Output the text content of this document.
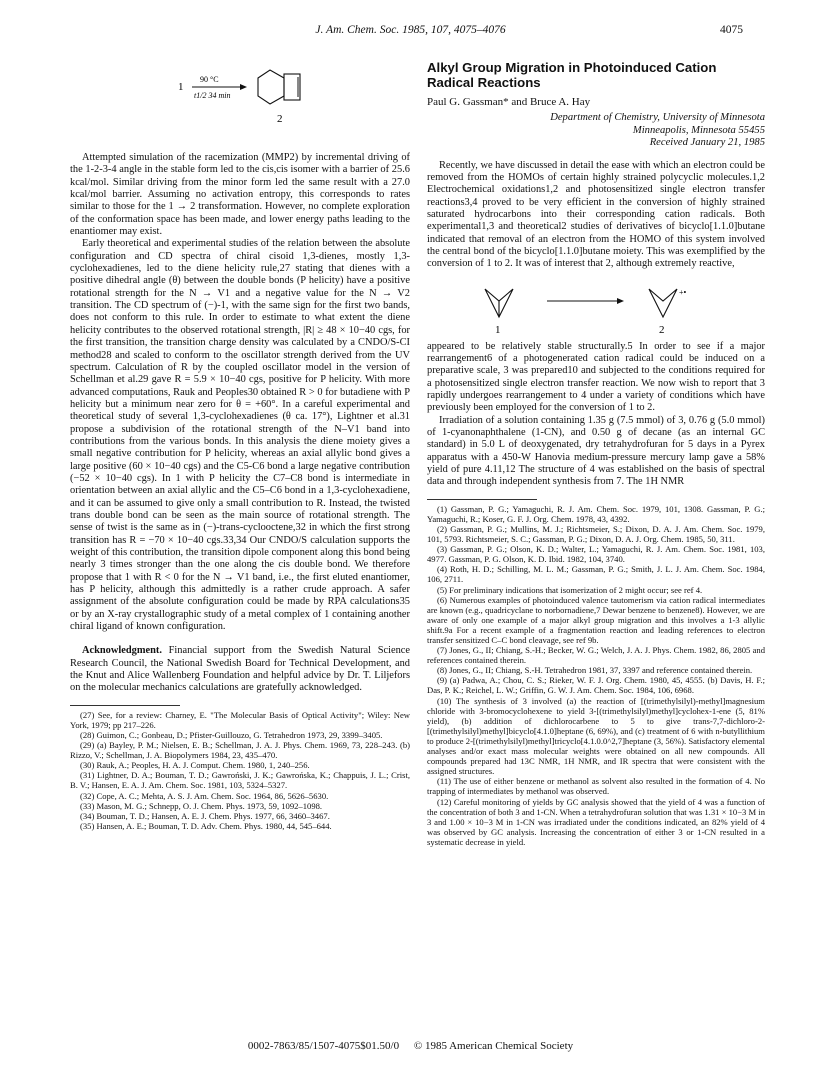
J. Am. Chem. Soc. 1985, 107, 4075–4076	4075
1
90 °C
t1/2 34 min
2

Attempted simulation of the racemization (MMP2) by incremental driving of the 1-2-3-4 angle in the stable form led to the cis,cis isomer with a barrier of 25.6 kcal/mol. Similar driving from the minor form led the same result with a 27.0 kcal/mol barrier. Assuming no activation entropy, this corresponds to rates similar to those for the 1 → 2 transformation. However, no complete exploration of the conformation space has been made, and lower energy paths leading to the enantiomer may exist.

Early theoretical and experimental studies of the relation between the absolute configuration and CD spectra of chiral cisoid 1,3-dienes, mostly 1,3-cyclohexadienes, led to the diene helicity rule,27 stating that dienes with a positive dihedral angle (θ) between the double bonds (P helicity) have a positive rotational strength for the N → V1 and a negative value for the N → V2 transition. The CD spectrum of (−)-1, with the same sign for the first two bands, does not conform to this rule. In order to estimate to what extent the diene helicity contributes to the observed rotational strength, |R| ≥ 48 × 10−40 cgs, for the first transition, the transition charge density was calculated by a CNDO/S-CI method28 and scaled to conform to the oscillator strength derived from the UV spectrum. Calculation of R by the coupled oscillator model in the version of Schellman et al.29 gave R = 5.9 × 10−40 cgs, positive for P helicity. With more advanced computations, Rauk and Peoples30 obtained R > 0 for butadiene with P helicity but a minimum near zero for θ = +60°. In a careful experimental and theoretical study of several 1,3-cyclohexadienes (θ ca. 17°), Lightner et al.31 propose a subdivision of the rotational strength of the N–V1 band into contributions from the various bonds. In this analysis the diene moiety gives a small negative contribution for P helicity, whereas an axial allylic bond gives a large positive (60 × 10−40 cgs) and the C5-C6 bond a large negative contribution (−52 × 10−40 cgs). In 1 with P helicity the C7–C8 bond is intermediate in orientation between an axial allylic and the C5–C6 bond in a 1,3-cyclohexadiene, and it can be assumed to give only a small contribution to R. Instead, the twisted trans double bond can be seen as the main source of rotational strength. The sense of twist is the same as in (−)-trans-cyclooctene,32 in which the first strong transition has R = −70 × 10−40 cgs.33,34 Our CNDO/S calculation supports the weight of this contribution, the transition dipole component along this bond being nearly 3 times stronger than the one along the cis double bond. We therefore propose that 1 with R < 0 for the N → V1 band, i.e., the first eluted enantiomer, has P helicity, although this admittedly is a rather crude approach. A safer assignment of the absolute configuration could be made by RPA calculations35 or by an X-ray crystallographic study of a metal complex of 1 containing another chiral ligand of known configuration.

Acknowledgment. Financial support from the Swedish Natural Science Research Council, the National Swedish Board for Technical Development, and the Knut and Alice Wallenberg Foundation and helpful advice by Dr. T. Liljefors on the molecular mechanics calculations are gratefully acknowledged.

(27) See, for a review: Charney, E. "The Molecular Basis of Optical Activity"; Wiley: New York, 1979; pp 217–226.

(28) Guimon, C.; Gonbeau, D.; Pfister-Guillouzo, G. Tetrahedron 1973, 29, 3399–3405.

(29) (a) Bayley, P. M.; Nielsen, E. B.; Schellman, J. A. J. Phys. Chem. 1969, 73, 228–243. (b) Rizzo, V.; Schellman, J. A. Biopolymers 1984, 23, 435–470.

(30) Rauk, A.; Peoples, H. A. J. Comput. Chem. 1980, 1, 240–256.

(31) Lightner, D. A.; Bouman, T. D.; Gawroński, J. K.; Gawrońska, K.; Chappuis, J. L.; Crist, B. V.; Hansen, E. A. J. Am. Chem. Soc. 1981, 103, 5324–5327.

(32) Cope, A. C.; Mehta, A. S. J. Am. Chem. Soc. 1964, 86, 5626–5630.

(33) Mason, M. G.; Schnepp, O. J. Chem. Phys. 1973, 59, 1092–1098.

(34) Bouman, T. D.; Hansen, A. E. J. Chem. Phys. 1977, 66, 3460–3467.

(35) Hansen, A. E.; Bouman, T. D. Adv. Chem. Phys. 1980, 44, 545–644.

Alkyl Group Migration in Photoinduced Cation Radical Reactions
Paul G. Gassman* and Bruce A. Hay
Department of Chemistry, University of Minnesota
Minneapolis, Minnesota 55455
Received January 21, 1985

Recently, we have discussed in detail the ease with which an electron could be removed from the HOMOs of certain highly strained polycyclic molecules.1,2 Electrochemical oxidations1,2 and photosensitized single electron transfer reactions3,4 proved to be very efficient in the conversion of highly strained saturated hydrocarbons into their corresponding cation radicals. Both experimental1,3 and theoretical2 studies of derivatives of bicyclo[1.1.0]butane indicated that removal of an electron from the HOMO of this system involved the central bond of the bicyclo[1.1.0]butane moiety. This was exemplified by the conversion of 1 to 2. It was of interest that 2, although extremely reactive,

1
+•
2

appeared to be relatively stable structurally.5 In order to see if a major rearrangement6 of a photogenerated cation radical could be induced on a preparative scale, 3 was prepared10 and subjected to the conditions required for a photosensitized single electron transfer reaction. We now wish to report that 3 rapidly undergoes rearrangement to 4 under a variety of conditions which have previously been employed for the conversion of 1 to 2.

Irradiation of a solution containing 1.35 g (7.5 mmol) of 3, 0.76 g (5.0 mmol) of 1-cyanonaphthalene (1-CN), and 0.50 g of decane (as an internal GC standard) in 5.0 L of deoxygenated, dry tetrahydrofuran for 5 days in a Pyrex apparatus with a 450-W Hanovia medium-pressure mercury lamp gave a 58% yield of pure 4.11,12 The structure of 4 was established on the basis of spectral data and through independent synthesis from 7. The 1H NMR

(1) Gassman, P. G.; Yamaguchi, R. J. Am. Chem. Soc. 1979, 101, 1308. Gassman, P. G.; Yamaguchi, R.; Koser, G. F. J. Org. Chem. 1978, 43, 4392.

(2) Gassman, P. G.; Mullins, M. J.; Richtsmeier, S.; Dixon, D. A. J. Am. Chem. Soc. 1979, 101, 5793. Richtsmeier, S. C.; Gassman, P. G.; Dixon, D. A. J. Org. Chem. 1985, 50, 311.

(3) Gassman, P. G.; Olson, K. D.; Walter, L.; Yamaguchi, R. J. Am. Chem. Soc. 1981, 103, 4977. Gassman, P. G. Olson, K. D. Ibid. 1982, 104, 3740.

(4) Roth, H. D.; Schilling, M. L. M.; Gassman, P. G.; Smith, J. L. J. Am. Chem. Soc. 1984, 106, 2711.

(5) For preliminary indications that isomerization of 2 might occur; see ref 4.

(6) Numerous examples of photoinduced valence tautomerism via cation radical intermediates are known (e.g., quadricyclane to norbornadiene,7 Dewar benzene to benzene8). However, we are aware of only one example of a major alkyl group migration and this involves a 1-3 allylic shift.9a For a recent example of a fragmentation reaction and leading references to electron transfer sensitized C–C bond cleavage, see ref 9b.

(7) Jones, G., II; Chiang, S.-H.; Becker, W. G.; Welch, J. A. J. Phys. Chem. 1982, 86, 2805 and references contained therein.

(8) Jones, G., II; Chiang, S.-H. Tetrahedron 1981, 37, 3397 and reference contained therein.

(9) (a) Padwa, A.; Chou, C. S.; Rieker, W. F. J. Org. Chem. 1980, 45, 4555. (b) Davis, H. F.; Das, P. K.; Reichel, L. W.; Griffin, G. W. J. Am. Chem. Soc. 1984, 106, 6968.

(10) The synthesis of 3 involved (a) the reaction of [(trimethylsilyl)-methyl]magnesium chloride with 3-bromocyclohexene to yield 3-[(trimethylsilyl)methyl]cyclohex-1-ene (5, 81% yield), (b) addition of dichlorocarbene to 5 to give trans-7,7-dichloro-2-[(trimethylsilyl)methyl]bicyclo[4.1.0]heptane (6, 69%), and (c) treatment of 6 with n-butyllithium to produce 2-[(trimethylsilyl)methyl]tricyclo[4.1.0.0^2,7]heptane (3, 56%). Satisfactory elemental analyses and/or exact mass molecular weights were obtained on all new compounds. All compounds prepared had 13C NMR, 1H NMR, and IR spectra that were consistent with the assigned structures.

(11) The use of either benzene or methanol as solvent also resulted in the formation of 4. No trapping of intermediates by methanol was observed.

(12) Careful monitoring of yields by GC analysis showed that the yield of 4 was a function of the concentration of both 3 and 1-CN. When a tetrahydrofuran solution that was 1.31 × 10−3 M in 3 and 1.00 × 10−3 M in 1-CN was irradiated under the conditions indicated, an 82% yield of 4 was observed by GC analysis. Increasing the concentration of either 3 or 1-CN resulted in a systematic decrease in yield.

0002-7863/85/1507-4075$01.50/0 © 1985 American Chemical Society
